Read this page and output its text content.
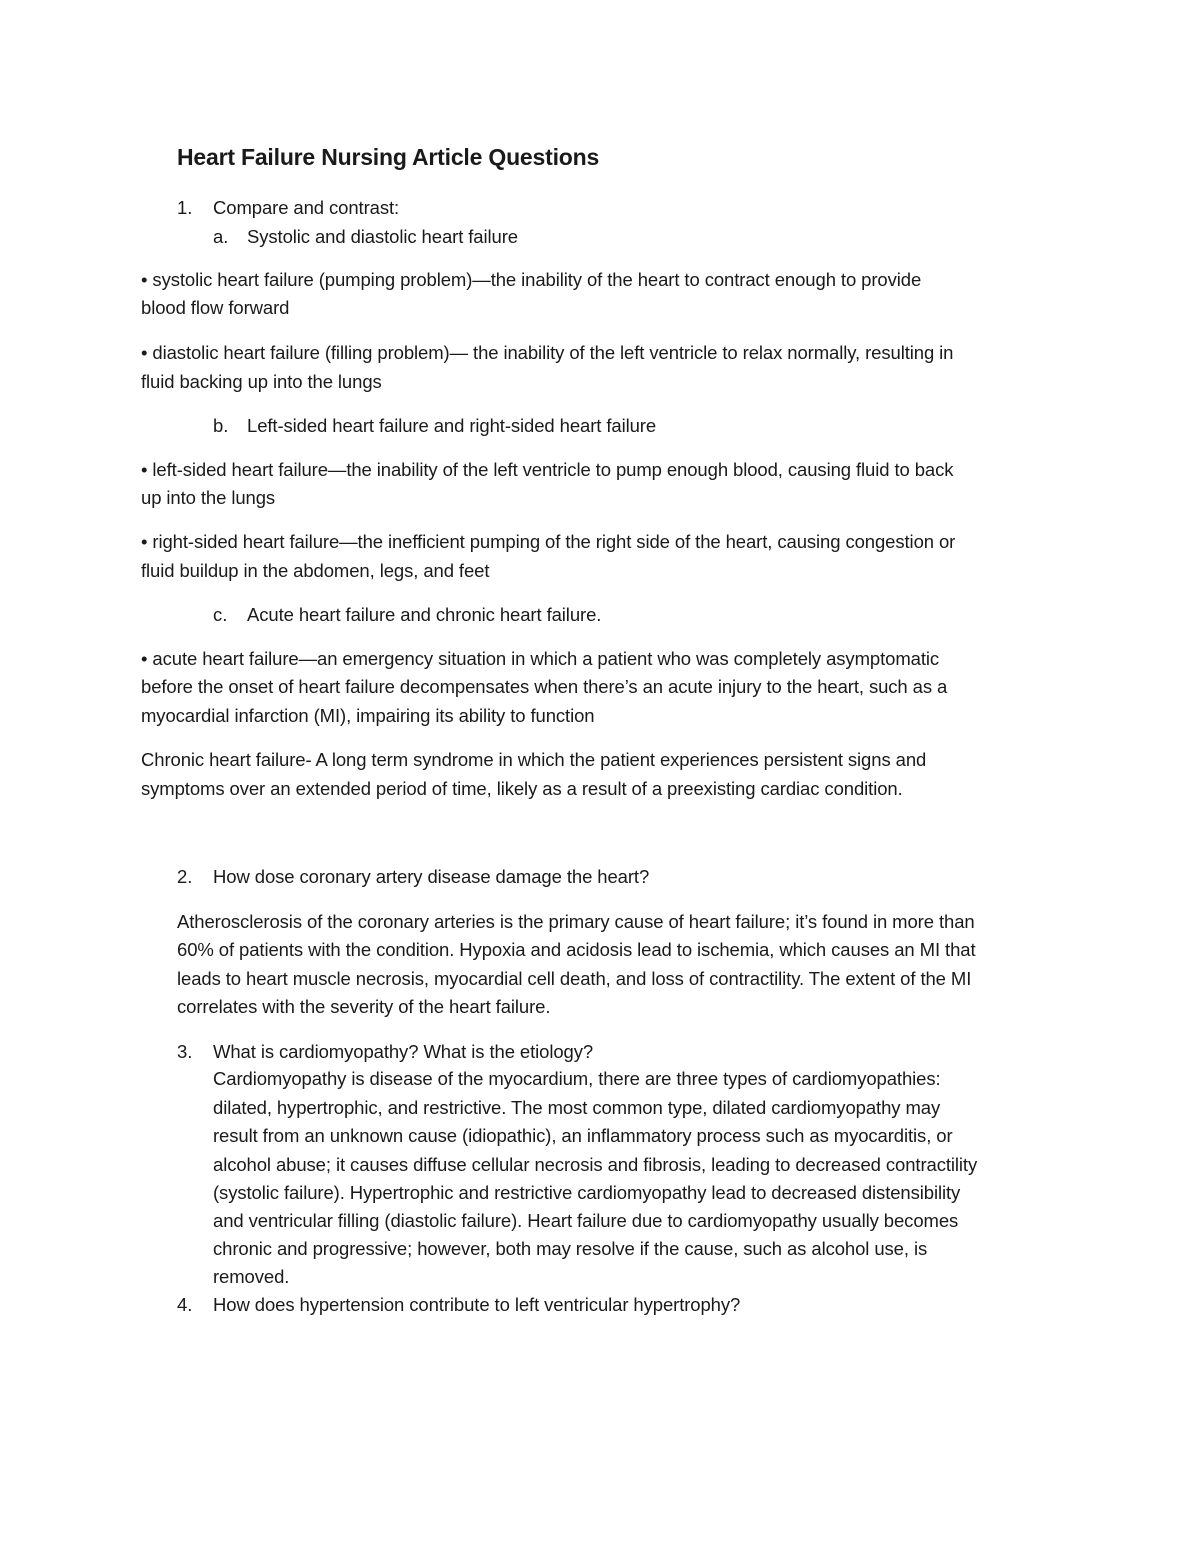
Heart Failure Nursing Article Questions
1. Compare and contrast:
a. Systolic and diastolic heart failure
• systolic heart failure (pumping problem)—the inability of the heart to contract enough to provide
blood flow forward
• diastolic heart failure (filling problem)— the inability of the left ventricle to relax normally, resulting in
fluid backing up into the lungs
b. Left-sided heart failure and right-sided heart failure
• left-sided heart failure—the inability of the left ventricle to pump enough blood, causing fluid to back
up into the lungs
• right-sided heart failure—the inefficient pumping of the right side of the heart, causing congestion or
fluid buildup in the abdomen, legs, and feet
c. Acute heart failure and chronic heart failure.
• acute heart failure—an emergency situation in which a patient who was completely asymptomatic
before the onset of heart failure decompensates when there’s an acute injury to the heart, such as a
myocardial infarction (MI), impairing its ability to function
Chronic heart failure- A long term syndrome in which the patient experiences persistent signs and
symptoms over an extended period of time, likely as a result of a preexisting cardiac condition.
2. How dose coronary artery disease damage the heart?
Atherosclerosis of the coronary arteries is the primary cause of heart failure; it’s found in more than
60% of patients with the condition. Hypoxia and acidosis lead to ischemia, which causes an MI that
leads to heart muscle necrosis, myocardial cell death, and loss of contractility. The extent of the MI
correlates with the severity of the heart failure.
3. What is cardiomyopathy? What is the etiology?
Cardiomyopathy is disease of the myocardium, there are three types of cardiomyopathies:
dilated, hypertrophic, and restrictive. The most common type, dilated cardiomyopathy may
result from an unknown cause (idiopathic), an inflammatory process such as myocarditis, or
alcohol abuse; it causes diffuse cellular necrosis and fibrosis, leading to decreased contractility
(systolic failure). Hypertrophic and restrictive cardiomyopathy lead to decreased distensibility
and ventricular filling (diastolic failure). Heart failure due to cardiomyopathy usually becomes
chronic and progressive; however, both may resolve if the cause, such as alcohol use, is
removed.
4. How does hypertension contribute to left ventricular hypertrophy?
